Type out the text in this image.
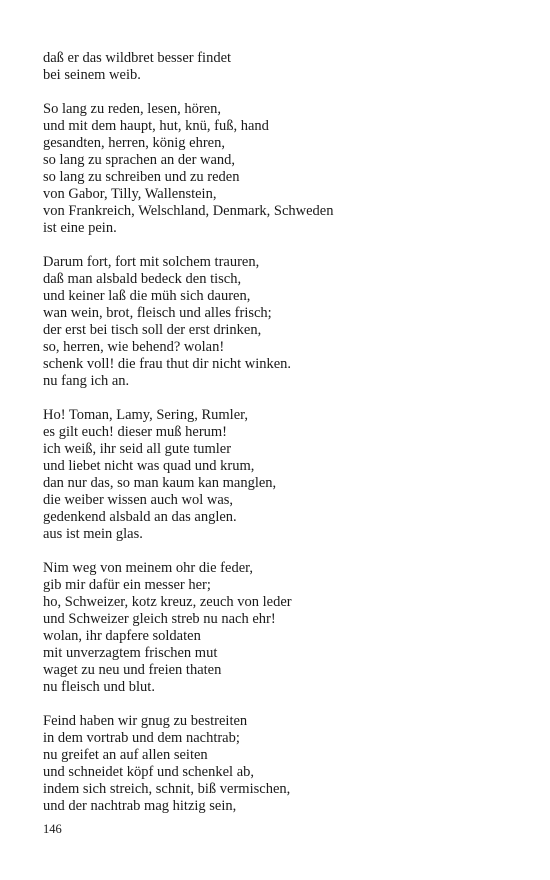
daß er das wildbret besser findet
bei seinem weib.
So lang zu reden, lesen, hören,
und mit dem haupt, hut, knü, fuß, hand
gesandten, herren, könig ehren,
so lang zu sprachen an der wand,
so lang zu schreiben und zu reden
von Gabor, Tilly, Wallenstein,
von Frankreich, Welschland, Denmark, Schweden
ist eine pein.
Darum fort, fort mit solchem trauren,
daß man alsbald bedeck den tisch,
und keiner laß die müh sich dauren,
wan wein, brot, fleisch und alles frisch;
der erst bei tisch soll der erst drinken,
so, herren, wie behend? wolan!
schenk voll! die frau thut dir nicht winken.
nu fang ich an.
Ho! Toman, Lamy, Sering, Rumler,
es gilt euch! dieser muß herum!
ich weiß, ihr seid all gute tumler
und liebet nicht was quad und krum,
dan nur das, so man kaum kan manglen,
die weiber wissen auch wol was,
gedenkend alsbald an das anglen.
aus ist mein glas.
Nim weg von meinem ohr die feder,
gib mir dafür ein messer her;
ho, Schweizer, kotz kreuz, zeuch von leder
und Schweizer gleich streb nu nach ehr!
wolan, ihr dapfere soldaten
mit unverzagtem frischen mut
waget zu neu und freien thaten
nu fleisch und blut.
Feind haben wir gnug zu bestreiten
in dem vortrab und dem nachtrab;
nu greifet an auf allen seiten
und schneidet köpf und schenkel ab,
indem sich streich, schnit, biß vermischen,
und der nachtrab mag hitzig sein,
146
